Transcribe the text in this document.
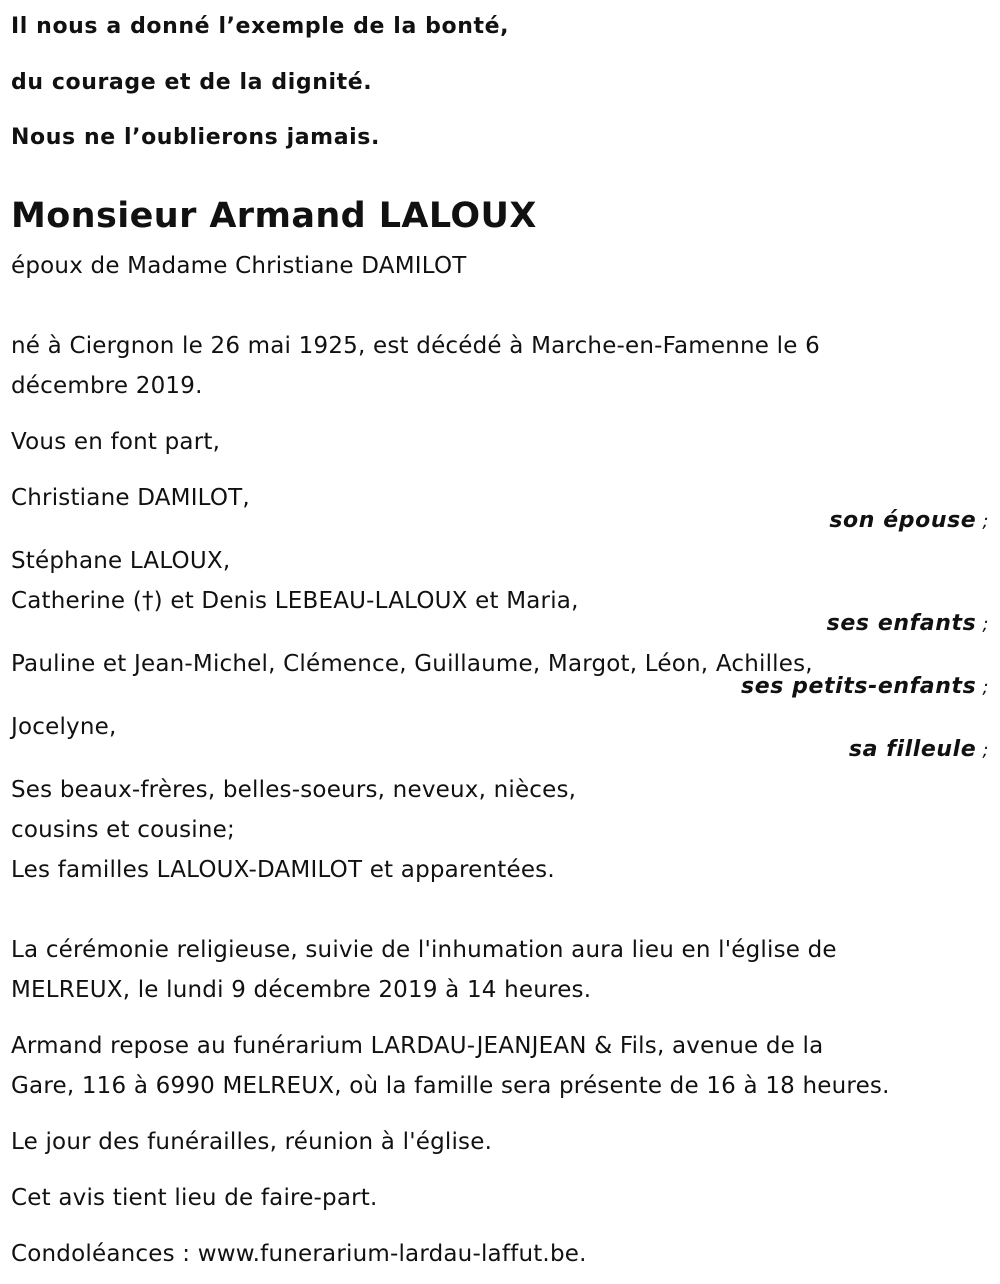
Il nous a donné l’exemple de la bonté,
du courage et de la dignité.
Nous ne l’oublierons jamais.
Monsieur Armand LALOUX
époux de Madame Christiane DAMILOT
né à Ciergnon le 26 mai 1925, est décédé à Marche-en-Famenne le 6
décembre 2019.
Vous en font part,
Christiane DAMILOT,
son épouse ;
Stéphane LALOUX,
Catherine (†) et Denis LEBEAU-LALOUX et Maria,
ses enfants ;
Pauline et Jean-Michel, Clémence, Guillaume, Margot, Léon, Achilles,
ses petits-enfants ;
Jocelyne,
sa filleule ;
Ses beaux-frères, belles-soeurs, neveux, nièces,
cousins et cousine;
Les familles LALOUX-DAMILOT et apparentées.
La cérémonie religieuse, suivie de l'inhumation aura lieu en l'église de
MELREUX, le lundi 9 décembre 2019 à 14 heures.
Armand repose au funérarium LARDAU-JEANJEAN & Fils, avenue de la
Gare, 116 à 6990 MELREUX, où la famille sera présente de 16 à 18 heures.
Le jour des funérailles, réunion à l'église.
Cet avis tient lieu de faire-part.
Condoléances : www.funerarium-lardau-laffut.be.
